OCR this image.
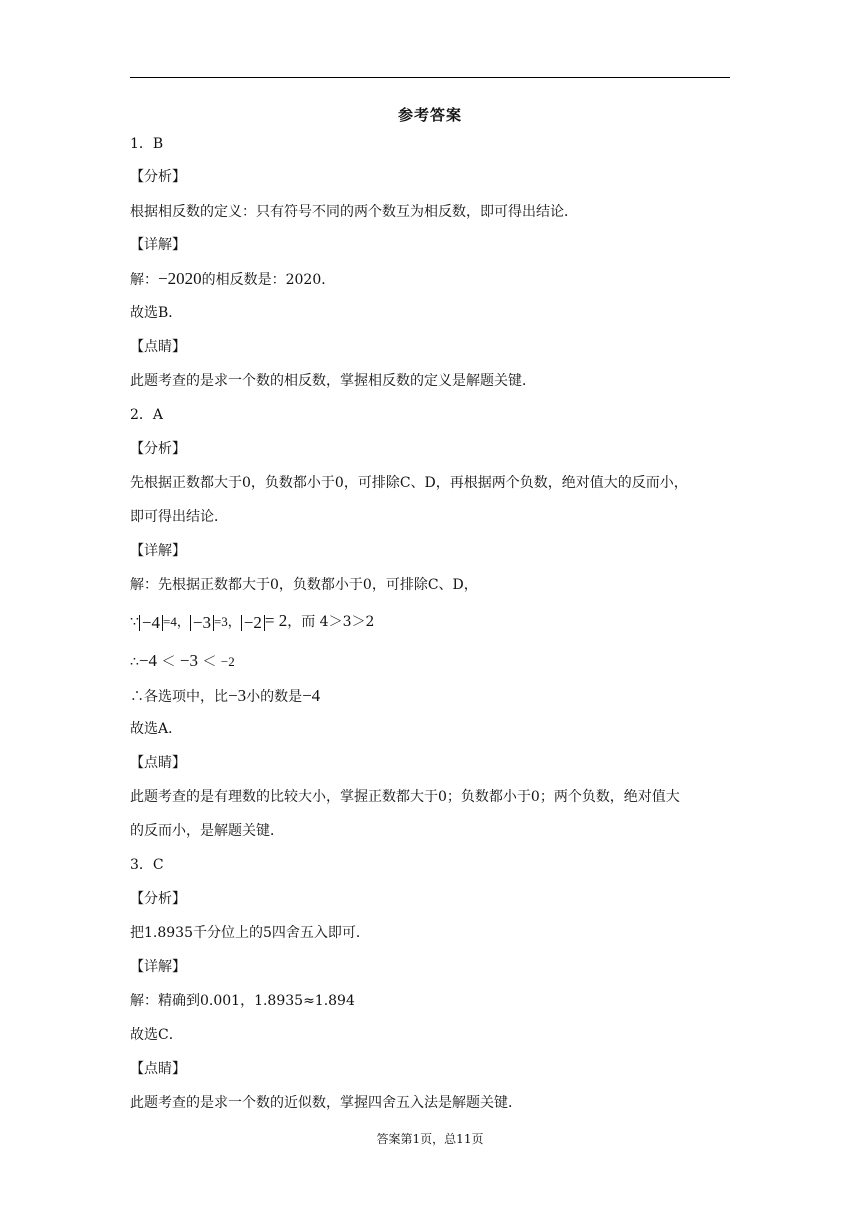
参考答案
1．B
【分析】
根据相反数的定义：只有符号不同的两个数互为相反数，即可得出结论．
【详解】
解：−2020的相反数是：2020．
故选B．
【点睛】
此题考查的是求一个数的相反数，掌握相反数的定义是解题关键．
2．A
【分析】
先根据正数都大于0，负数都小于0，可排除C、D，再根据两个负数，绝对值大的反而小，
即可得出结论．
【详解】
解：先根据正数都大于0，负数都小于0，可排除C、D，
∵ −4 =4， −3 =3， −2 = 2，而 4＞3＞2
∴−4 ＜ −3 ＜ −2
∴各选项中，比−3小的数是−4
故选A．
【点睛】
此题考查的是有理数的比较大小，掌握正数都大于0；负数都小于0；两个负数，绝对值大
的反而小，是解题关键．
3．C
【分析】
把1.8935千分位上的5四舍五入即可．
【详解】
解：精确到0.001，1.8935≈1.894
故选C．
【点睛】
此题考查的是求一个数的近似数，掌握四舍五入法是解题关键．
答案第1页，总11页
